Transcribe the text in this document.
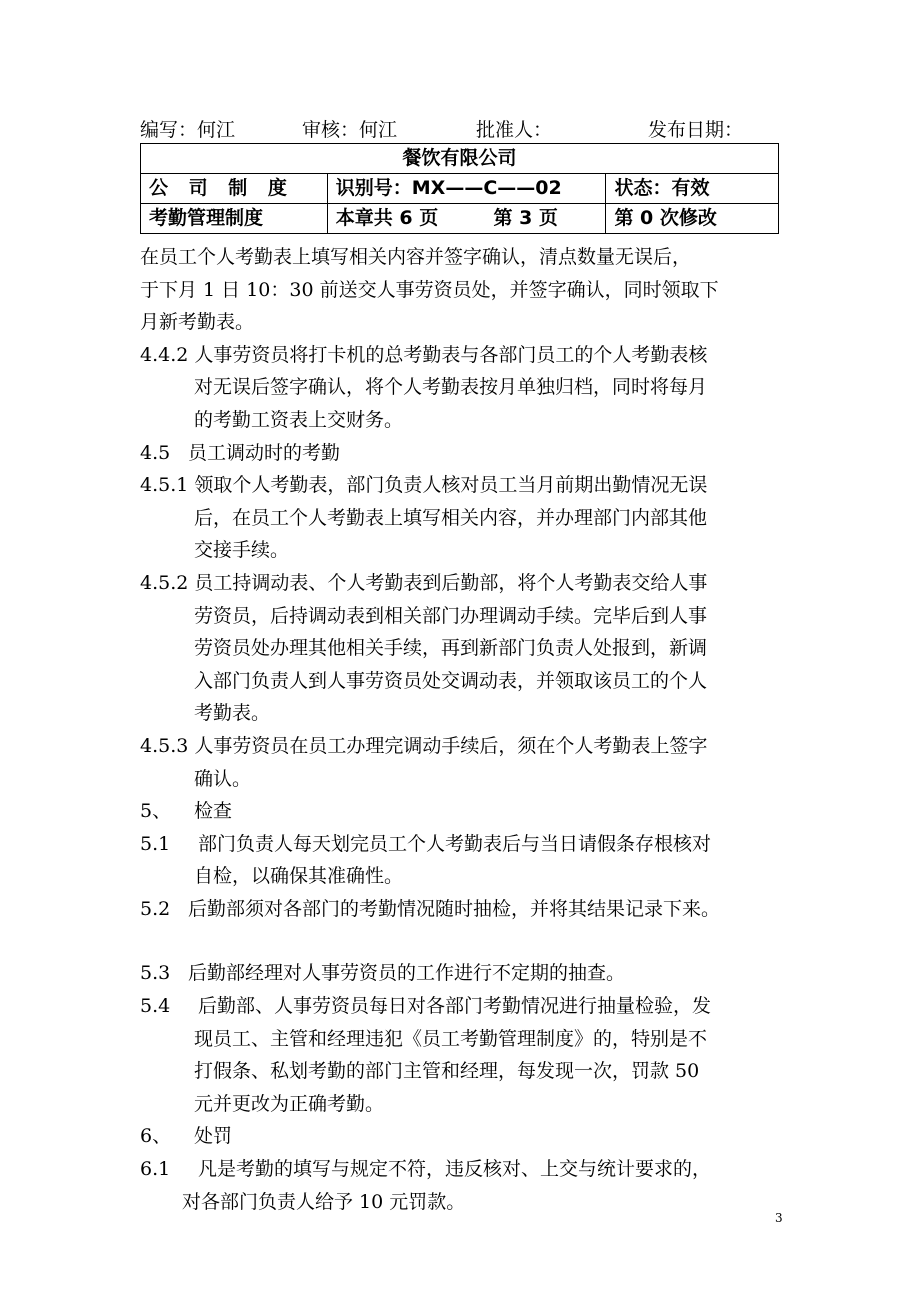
编写：何江	审核：何江	批准人：	发布日期：
餐饮有限公司		
公 司 制 度	识别号：MX——C——02	状态：有效
考勤管理制度	本章共 6 页 第 3 页	第 0 次修改

在员工个人考勤表上填写相关内容并签字确认，清点数量无误后，

于下月 1 日 10：30 前送交人事劳资员处，并签字确认，同时领取下

月新考勤表。

4.4.2 人事劳资员将打卡机的总考勤表与各部门员工的个人考勤表核

对无误后签字确认，将个人考勤表按月单独归档，同时将每月

的考勤工资表上交财务。

4.5 员工调动时的考勤

4.5.1 领取个人考勤表，部门负责人核对员工当月前期出勤情况无误

后，在员工个人考勤表上填写相关内容，并办理部门内部其他

交接手续。

4.5.2 员工持调动表、个人考勤表到后勤部，将个人考勤表交给人事

劳资员，后持调动表到相关部门办理调动手续。完毕后到人事

劳资员处办理其他相关手续，再到新部门负责人处报到，新调

入部门负责人到人事劳资员处交调动表，并领取该员工的个人

考勤表。

4.5.3 人事劳资员在员工办理完调动手续后，须在个人考勤表上签字

确认。

5、 检查

5.1 部门负责人每天划完员工个人考勤表后与当日请假条存根核对

自检，以确保其准确性。

5.2 后勤部须对各部门的考勤情况随时抽检，并将其结果记录下来。

5.3 后勤部经理对人事劳资员的工作进行不定期的抽查。

5.4 后勤部、人事劳资员每日对各部门考勤情况进行抽量检验，发

现员工、主管和经理违犯《员工考勤管理制度》的，特别是不

打假条、私划考勤的部门主管和经理，每发现一次，罚款 50

元并更改为正确考勤。

6、 处罚

6.1 凡是考勤的填写与规定不符，违反核对、上交与统计要求的，

对各部门负责人给予 10 元罚款。

3
